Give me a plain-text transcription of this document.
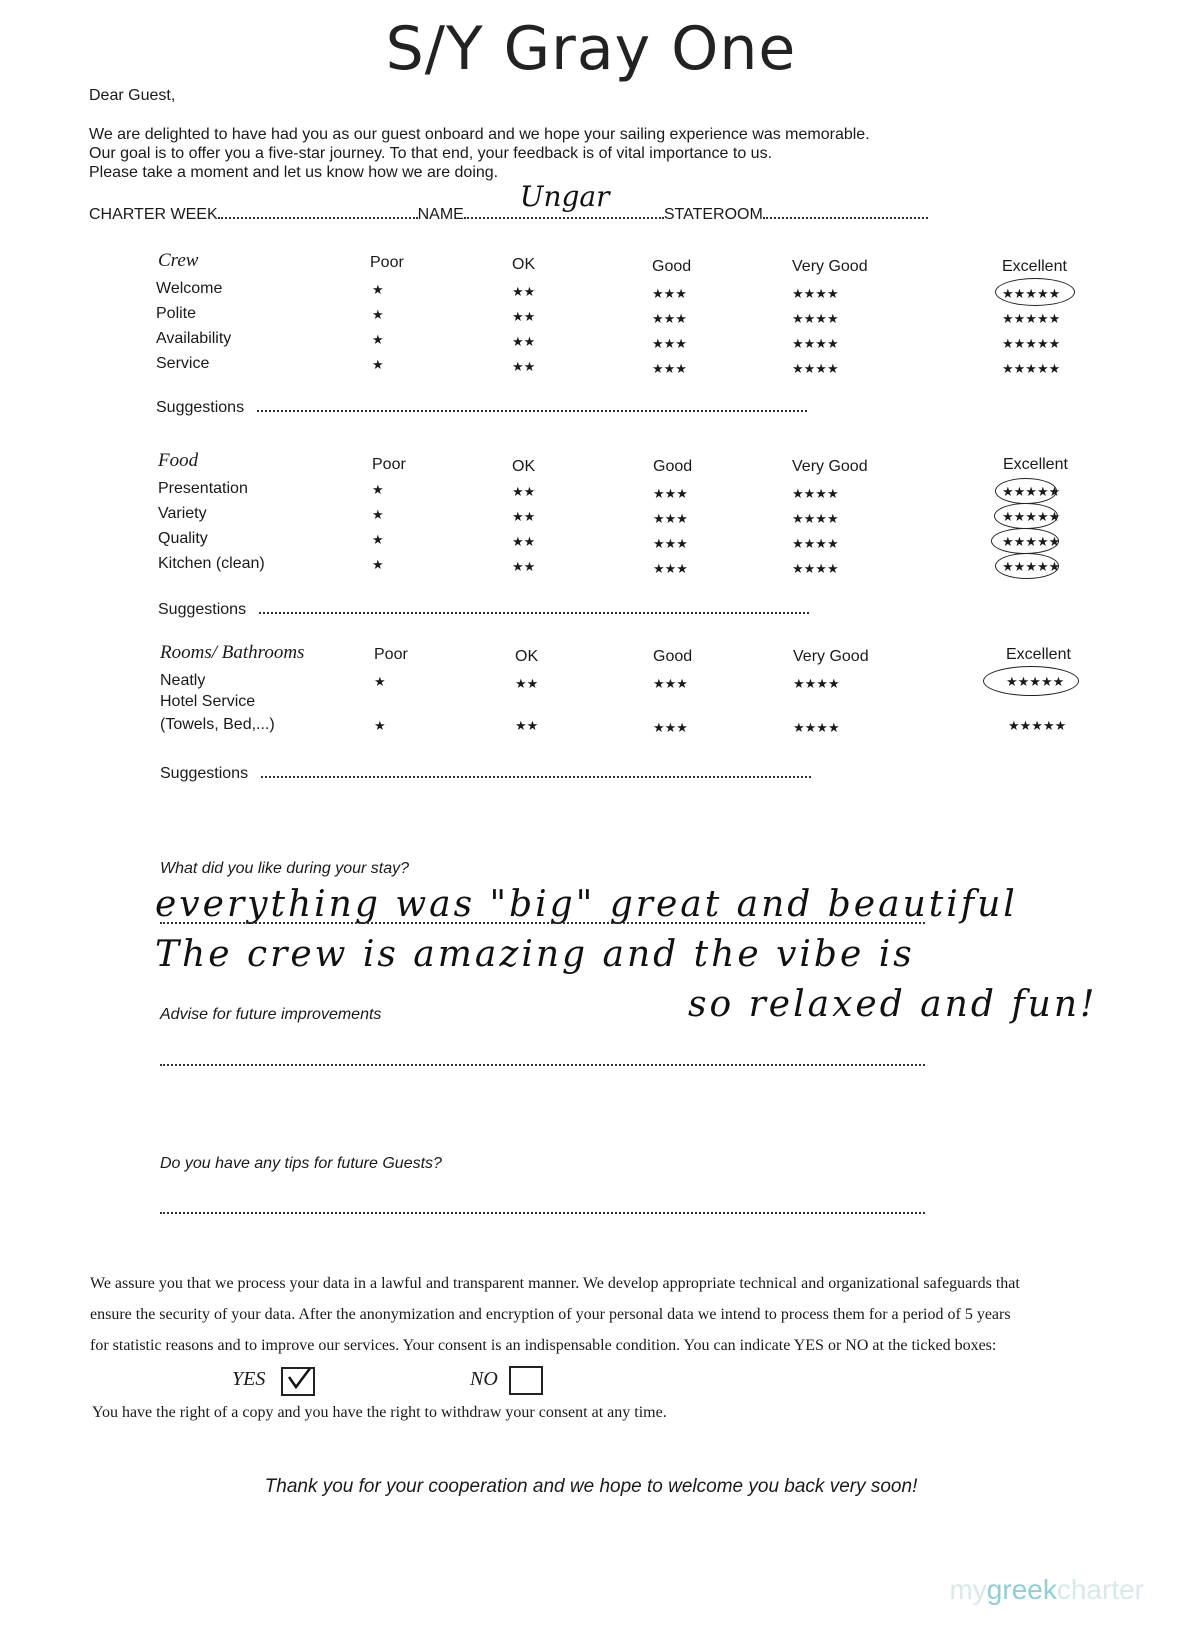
S/Y Gray One
Dear Guest,
We are delighted to have had you as our guest onboard and we hope your sailing experience was memorable.
Our goal is to offer you a five-star journey. To that end, your feedback is of vital importance to us.
Please take a moment and let us know how we are doing.
CHARTER WEEK	NAME
Ungar
STATEROOM
Crew	Poor	OK	Good	Very Good	Excellent
Welcome	★	★★	★★★	★★★★	★★★★★
Polite	★	★★	★★★	★★★★	★★★★★
Availability	★	★★	★★★	★★★★	★★★★★
Service	★	★★	★★★	★★★★	★★★★★
Suggestions
Food	Poor	OK	Good	Very Good	Excellent
Presentation	★	★★	★★★	★★★★	★★★★★
Variety	★	★★	★★★	★★★★	★★★★★
Quality	★	★★	★★★	★★★★	★★★★★
Kitchen (clean)	★	★★	★★★	★★★★	★★★★★
Suggestions
Rooms/ Bathrooms	Poor	OK	Good	Very Good	Excellent
Neatly	★	★★	★★★	★★★★	★★★★★
Hotel Service
(Towels, Bed,...)	★	★★	★★★	★★★★	★★★★★
Suggestions
What did you like during your stay?
everything was "big" great and beautiful
The crew is amazing and the vibe is
so relaxed and fun!
Advise for future improvements
Do you have any tips for future Guests?
We assure you that we process your data in a lawful and transparent manner. We develop appropriate technical and organizational safeguards that
ensure the security of your data. After the anonymization and encryption of your personal data we intend to process them for a period of 5 years
for statistic reasons and to improve our services. Your consent is an indispensable condition. You can indicate YES or NO at the ticked boxes:
YES	NO
You have the right of a copy and you have the right to withdraw your consent at any time.
Thank you for your cooperation and we hope to welcome you back very soon!
mygreekcharter
